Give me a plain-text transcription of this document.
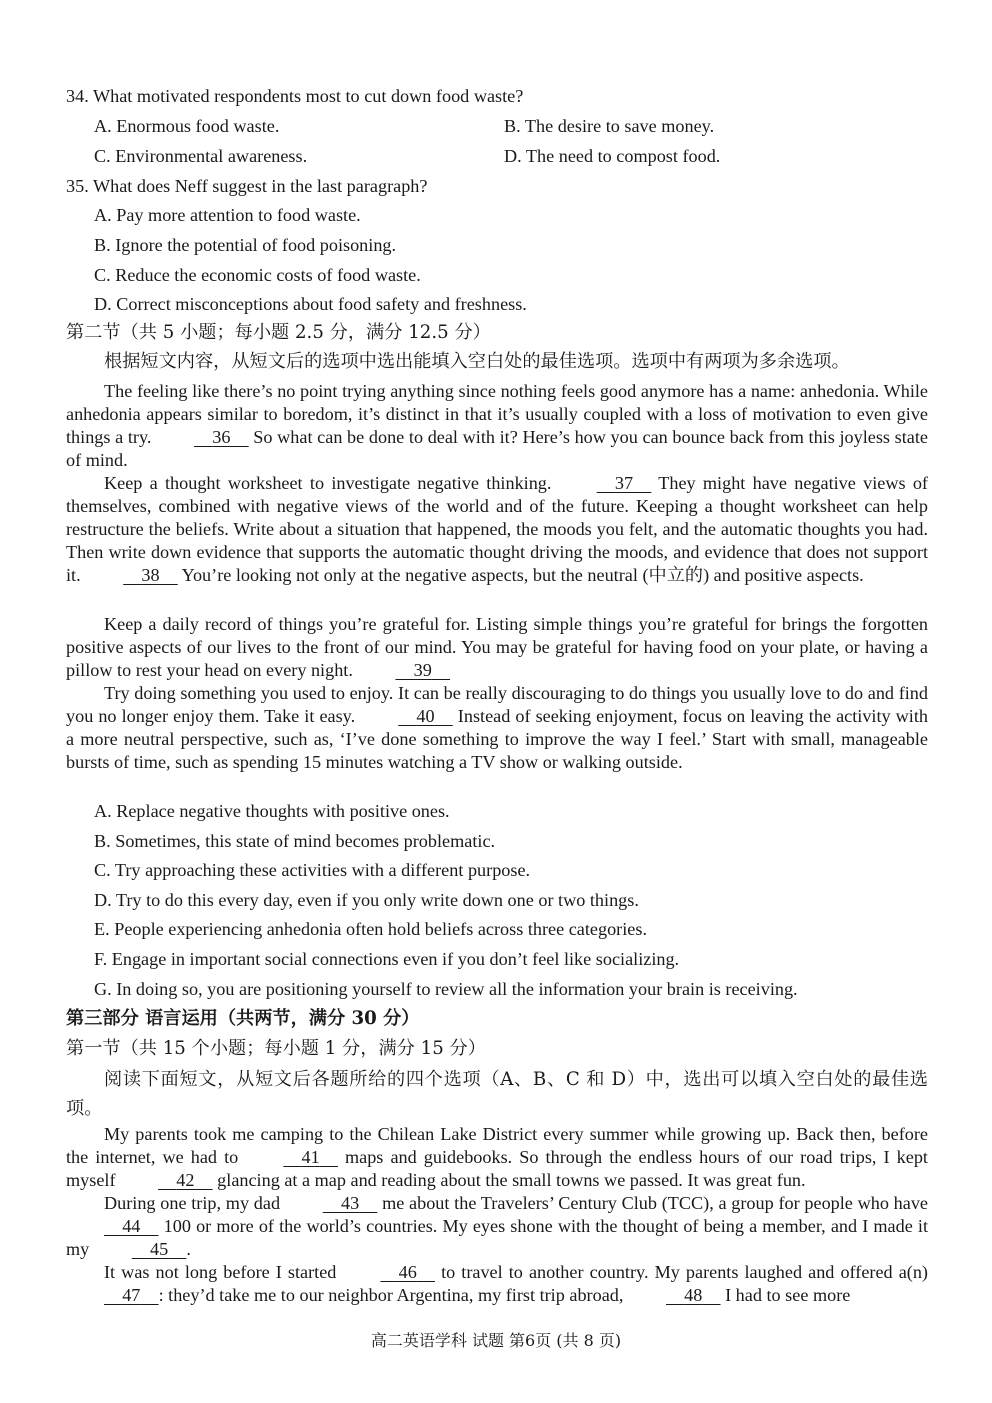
34. What motivated respondents most to cut down food waste?
A. Enormous food waste.	B. The desire to save money.
C. Environmental awareness.	D. The need to compost food.
35. What does Neff suggest in the last paragraph?
A. Pay more attention to food waste.
B. Ignore the potential of food poisoning.
C. Reduce the economic costs of food waste.
D. Correct misconceptions about food safety and freshness.
第二节（共 5 小题；每小题 2.5 分，满分 12.5 分）
根据短文内容，从短文后的选项中选出能填入空白处的最佳选项。选项中有两项为多余选项。
The feeling like there’s no point trying anything since nothing feels good anymore has a name: anhedonia. While anhedonia appears similar to boredom, it’s distinct in that it’s usually coupled with a loss of motivation to even give things a try.	36     So what can be done to deal with it? Here’s how you can bounce back from this joyless state of mind.
Keep a thought worksheet to investigate negative thinking.	37     They might have negative views of themselves, combined with negative views of the world and of the future. Keeping a thought worksheet can help restructure the beliefs. Write about a situation that happened, the moods you felt, and the automatic thoughts you had. Then write down evidence that supports the automatic thought driving the moods, and evidence that does not support it.	38     You’re looking not only at the negative aspects, but the neutral (中立的) and positive aspects.
Keep a daily record of things you’re grateful for. Listing simple things you’re grateful for brings the forgotten positive aspects of our lives to the front of our mind. You may be grateful for having food on your plate, or having a pillow to rest your head on every night.	39
Try doing something you used to enjoy. It can be really discouraging to do things you usually love to do and find you no longer enjoy them. Take it easy.	40     Instead of seeking enjoyment, focus on leaving the activity with a more neutral perspective, such as, ‘I’ve done something to improve the way I feel.’ Start with small, manageable bursts of time, such as spending 15 minutes watching a TV show or walking outside.
A. Replace negative thoughts with positive ones.
B. Sometimes, this state of mind becomes problematic.
C. Try approaching these activities with a different purpose.
D. Try to do this every day, even if you only write down one or two things.
E. People experiencing anhedonia often hold beliefs across three categories.
F. Engage in important social connections even if you don’t feel like socializing.
G. In doing so, you are positioning yourself to review all the information your brain is receiving.
第三部分 语言运用（共两节，满分 30 分）
第一节（共 15 个小题；每小题 1 分，满分 15 分）
阅读下面短文，从短文后各题所给的四个选项（A、B、C 和 D）中，选出可以填入空白处的最佳选项。
My parents took me camping to the Chilean Lake District every summer while growing up. Back then, before the internet, we had to	41     maps and guidebooks. So through the endless hours of our road trips, I kept myself	42     glancing at a map and reading about the small towns we passed. It was great fun.
During one trip, my dad	43     me about the Travelers’ Century Club (TCC), a group for people who have     44     100 or more of the world’s countries. My eyes shone with the thought of being a member, and I made it my	45 .
It was not long before I started	46     to travel to another country. My parents laughed and offered a(n)     47 : they’d take me to our neighbor Argentina, my first trip abroad,	48     I had to see more
高二英语学科 试题 第6页 (共 8 页)
